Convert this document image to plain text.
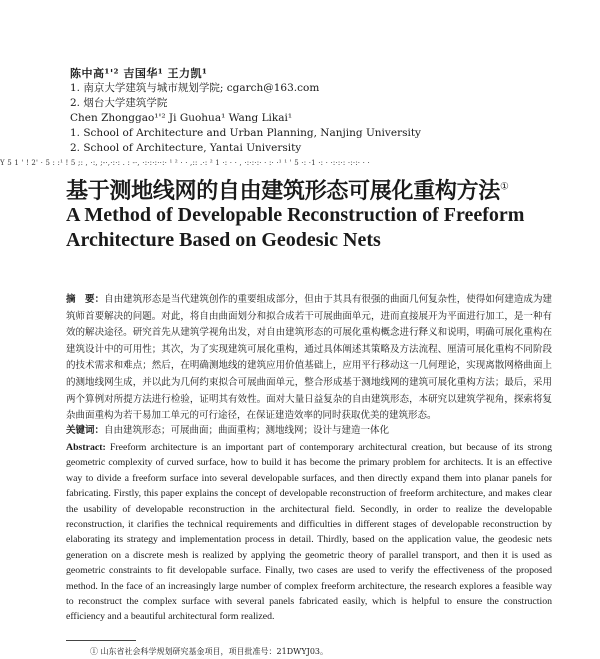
陈中高¹'² 吉国华¹ 王力凯¹
1. 南京大学建筑与城市规划学院; cgarch@163.com
2. 烟台大学建筑学院
Chen Zhonggao¹'² Ji Guohua¹ Wang Likai¹
1. School of Architecture and Urban Planning, Nanjing University
2. School of Architecture, Yantai University
Y 5 1 ' ! 2' · 5 : :¹ ! 5 ;: , ·:, ;-·,·:·: . : -·, ·:·:·:··:· ¹ ² · · ,:: .·: ² 1 ·: · · , ·:·:·:· · :· ·¹ ¹ ' 5 ·: ·1 ·: · ·:·:·: ·:·:· · ·
基于测地线网的自由建筑形态可展化重构方法①
A Method of Developable Reconstruction of Freeform
Architecture Based on Geodesic Nets
摘　要：自由建筑形态是当代建筑创作的重要组成部分，但由于其具有很强的曲面几何复杂性，使得如何建造成为建筑师首要解决的问题。对此，将自由曲面划分和拟合成若干可展曲面单元，进而直接展开为平面进行加工，是一种有效的解决途径。研究首先从建筑学视角出发，对自由建筑形态的可展化重构概念进行释义和说明，明确可展化重构在建筑设计中的可用性；其次，为了实现建筑可展化重构，通过具体阐述其策略及方法流程、厘清可展化重构不同阶段的技术需求和难点；然后，在明确测地线的建筑应用价值基础上，应用平行移动这一几何理论，实现离散网格曲面上的测地线网生成，并以此为几何约束拟合可展曲面单元，整合形成基于测地线网的建筑可展化重构方法；最后，采用两个算例对所提方法进行检验，证明其有效性。面对大量日益复杂的自由建筑形态，本研究以建筑学视角，探索将复杂曲面重构为若干易加工单元的可行途径，在保证建造效率的同时获取优美的建筑形态。
关键词：自由建筑形态；可展曲面；曲面重构；测地线网；设计与建造一体化
Abstract: Freeform architecture is an important part of contemporary architectural creation, but because of its strong geometric complexity of curved surface, how to build it has become the primary problem for architects. It is an effective way to divide a freeform surface into several developable surfaces, and then directly expand them into planar panels for fabricating. Firstly, this paper explains the concept of developable reconstruction of freeform architecture, and makes clear the usability of developable reconstruction in the architectural field. Secondly, in order to realize the developable reconstruction, it clarifies the technical requirements and difficulties in different stages of developable reconstruction by elaborating its strategy and implementation process in detail. Thirdly, based on the application value, the geodesic nets generation on a discrete mesh is realized by applying the geometric theory of parallel transport, and then it is used as geometric constraints to fit developable surface. Finally, two cases are used to verify the effectiveness of the proposed method. In the face of an increasingly large number of complex freeform architecture, the research explores a feasible way to reconstruct the complex surface with several panels fabricated easily, which is helpful to ensure the construction efficiency and a beautiful architectural form realized.
① 山东省社会科学规划研究基金项目，项目批准号：21DWYJ03。
